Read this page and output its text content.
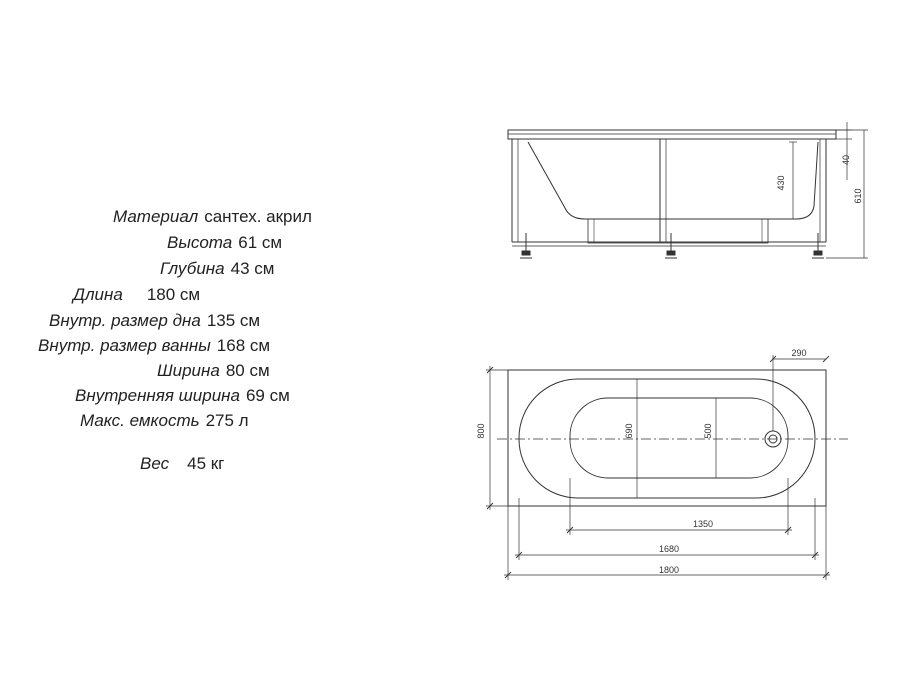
Материал сантех. акрил
Высота 61 см
Глубина 43 см
Длина 180 см
Внутр. размер дна 135 см
Внутр. размер ванны 168 см
Ширина 80 см
Внутренняя ширина 69 см
Макс. емкость 275 л
Вес 45 кг
430
40
610
290
800	690	500
1350
1680
1800
